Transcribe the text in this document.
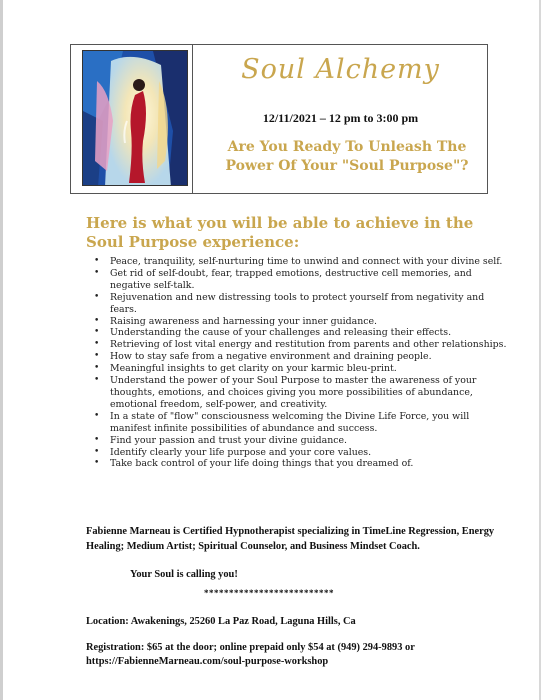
Soul Alchemy
12/11/2021 – 12 pm to 3:00 pm
Are You Ready To Unleash The
Power Of Your "Soul Purpose"?
Here is what you will be able to achieve in the
Soul Purpose experience:
• Peace, tranquility, self-nurturing time to unwind and connect with your divine self.
• Get rid of self-doubt, fear, trapped emotions, destructive cell memories, and negative self-talk.
• Rejuvenation and new distressing tools to protect yourself from negativity and fears.
• Raising awareness and harnessing your inner guidance.
• Understanding the cause of your challenges and releasing their effects.
• Retrieving of lost vital energy and restitution from parents and other relationships.
• How to stay safe from a negative environment and draining people.
• Meaningful insights to get clarity on your karmic bleu-print.
• Understand the power of your Soul Purpose to master the awareness of your thoughts, emotions, and choices giving you more possibilities of abundance, emotional freedom, self-power, and creativity.
• In a state of "flow" consciousness welcoming the Divine Life Force, you will manifest infinite possibilities of abundance and success.
• Find your passion and trust your divine guidance.
• Identify clearly your life purpose and your core values.
• Take back control of your life doing things that you dreamed of.
Fabienne Marneau is Certified Hypnotherapist specializing in TimeLine Regression, Energy Healing; Medium Artist; Spiritual Counselor, and Business Mindset Coach.
Your Soul is calling you!
**************************
Location: Awakenings, 25260 La Paz Road, Laguna Hills, Ca
Registration: $65 at the door; online prepaid only $54 at (949) 294-9893 or
https://FabienneMarneau.com/soul-purpose-workshop
